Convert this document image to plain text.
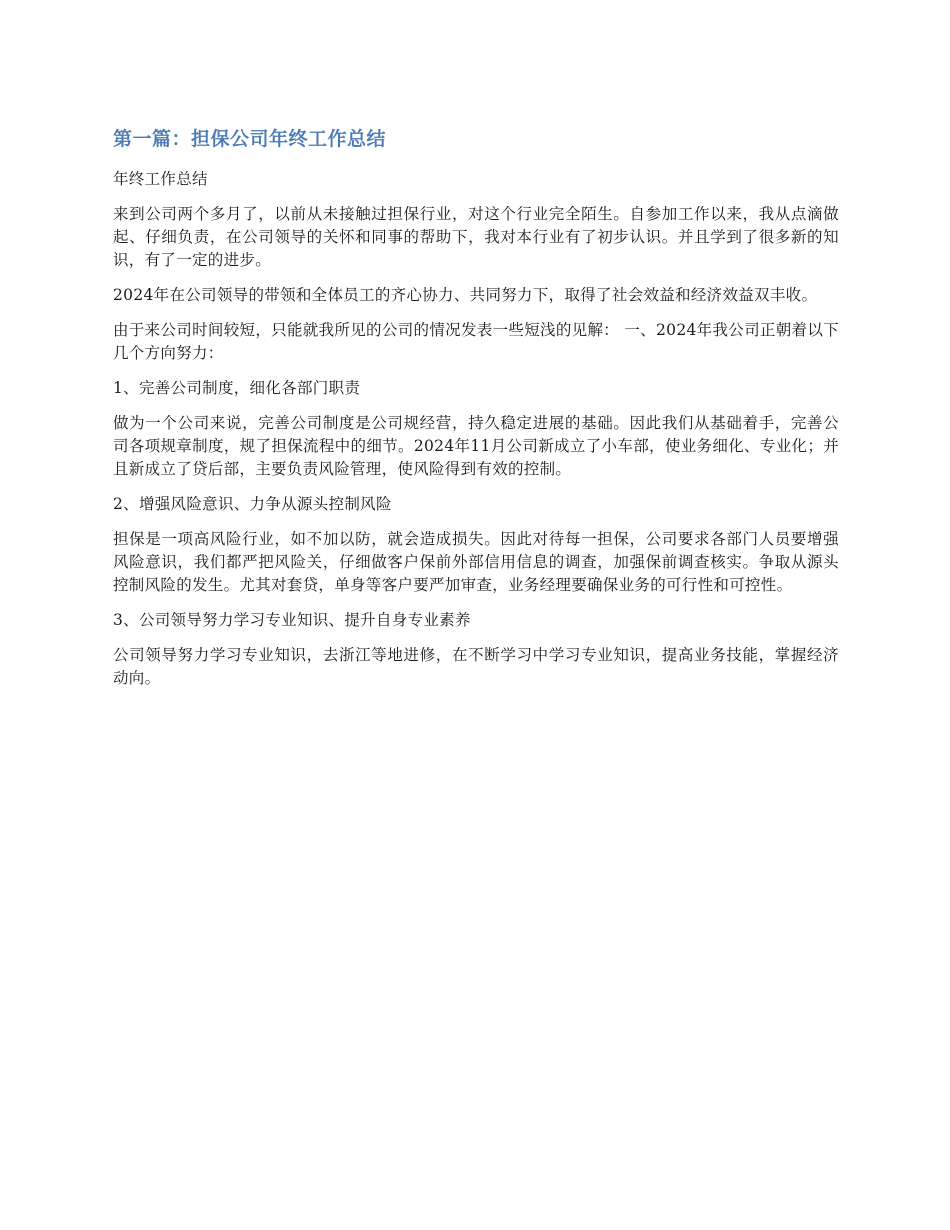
第一篇：担保公司年终工作总结

年终工作总结

来到公司两个多月了，以前从未接触过担保行业，对这个行业完全陌生。自参加工作以来，我从点滴做起、仔细负责，在公司领导的关怀和同事的帮助下，我对本行业有了初步认识。并且学到了很多新的知识，有了一定的进步。

2024年在公司领导的带领和全体员工的齐心协力、共同努力下，取得了社会效益和经济效益双丰收。

由于来公司时间较短，只能就我所见的公司的情况发表一些短浅的见解： 一、2024年我公司正朝着以下几个方向努力：

1、完善公司制度，细化各部门职责

做为一个公司来说，完善公司制度是公司规经营，持久稳定进展的基础。因此我们从基础着手，完善公司各项规章制度，规了担保流程中的细节。2024年11月公司新成立了小车部，使业务细化、专业化；并且新成立了贷后部，主要负责风险管理，使风险得到有效的控制。

2、增强风险意识、力争从源头控制风险

担保是一项高风险行业，如不加以防，就会造成损失。因此对待每一担保，公司要求各部门人员要增强风险意识，我们都严把风险关，仔细做客户保前外部信用信息的调查，加强保前调查核实。争取从源头控制风险的发生。尤其对套贷，单身等客户要严加审查，业务经理要确保业务的可行性和可控性。

3、公司领导努力学习专业知识、提升自身专业素养

公司领导努力学习专业知识，去浙江等地进修，在不断学习中学习专业知识，提高业务技能，掌握经济动向。
